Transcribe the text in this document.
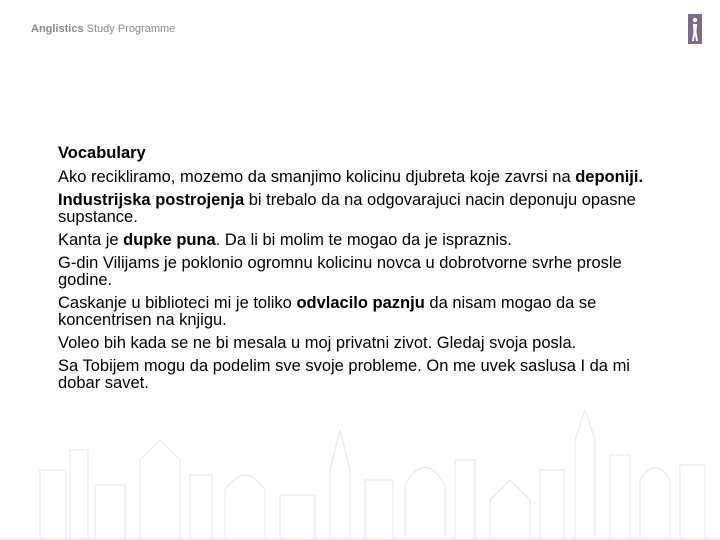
Anglistics Study Programme

Vocabulary

Ako recikliramo, mozemo da smanjimo kolicinu djubreta koje zavrsi na deponiji.

Industrijska postrojenja bi trebalo da na odgovarajuci nacin deponuju opasne supstance.

Kanta je dupke puna. Da li bi molim te mogao da je ispraznis.

G-din Vilijams je poklonio ogromnu kolicinu novca u dobrotvorne svrhe prosle godine.

Caskanje u biblioteci mi je toliko odvlacilo paznju da nisam mogao da se koncentrisen na knjigu.

Voleo bih kada se ne bi mesala u moj privatni zivot. Gledaj svoja posla.

Sa Tobijem mogu da podelim sve svoje probleme. On me uvek saslusa I da mi dobar savet.
